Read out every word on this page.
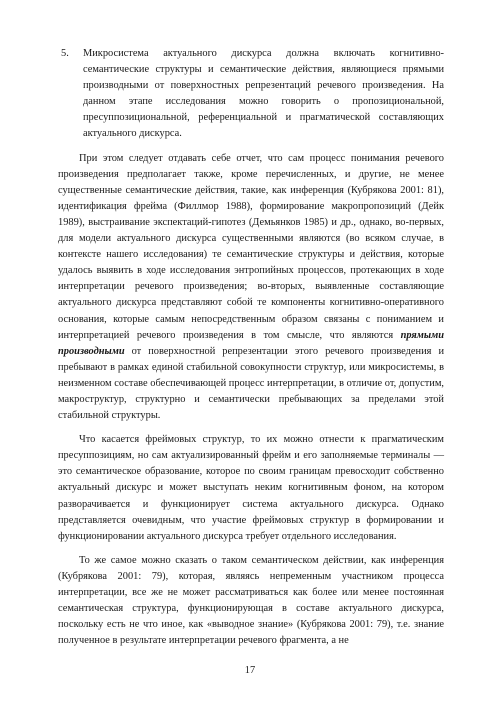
5.	Микросистема актуального дискурса должна включать когнитивно-семантические структуры и семантические действия, являющиеся прямыми производными от поверхностных репрезентаций речевого произведения. На данном этапе исследования можно говорить о пропозициональной, пресуппозициональной, референциальной и прагматической составляющих актуального дискурса.

При этом следует отдавать себе отчет, что сам процесс понимания речевого произведения предполагает также, кроме перечисленных, и другие, не менее существенные семантические действия, такие, как инференция (Кубрякова 2001: 81), идентификация фрейма (Филлмор 1988), формирование макропропозиций (Дейк 1989), выстраивание экспектаций-гипотез (Демьянков 1985) и др., однако, во-первых, для модели актуального дискурса существенными являются (во всяком случае, в контексте нашего исследования) те семантические структуры и действия, которые удалось выявить в ходе исследования энтропийных процессов, протекающих в ходе интерпретации речевого произведения; во-вторых, выявленные составляющие актуального дискурса представляют собой те компоненты когнитивно-оперативного основания, которые самым непосредственным образом связаны с пониманием и интерпретацией речевого произведения в том смысле, что являются прямыми производными от поверхностной репрезентации этого речевого произведения и пребывают в рамках единой стабильной совокупности структур, или микросистемы, в неизменном составе обеспечивающей процесс интерпретации, в отличие от, допустим, макроструктур, структурно и семантически пребывающих за пределами этой стабильной структуры.

Что касается фреймовых структур, то их можно отнести к прагматическим пресуппозициям, но сам актуализированный фрейм и его заполняемые терминалы — это семантическое образование, которое по своим границам превосходит собственно актуальный дискурс и может выступать неким когнитивным фоном, на котором разворачивается и функционирует система актуального дискурса. Однако представляется очевидным, что участие фреймовых структур в формировании и функционировании актуального дискурса требует отдельного исследования.

То же самое можно сказать о таком семантическом действии, как инференция (Кубрякова 2001: 79), которая, являясь непременным участником процесса интерпретации, все же не может рассматриваться как более или менее постоянная семантическая структура, функционирующая в составе актуального дискурса, поскольку есть не что иное, как «выводное знание» (Кубрякова 2001: 79), т.е. знание полученное в результате интерпретации речевого фрагмента, а не

17
